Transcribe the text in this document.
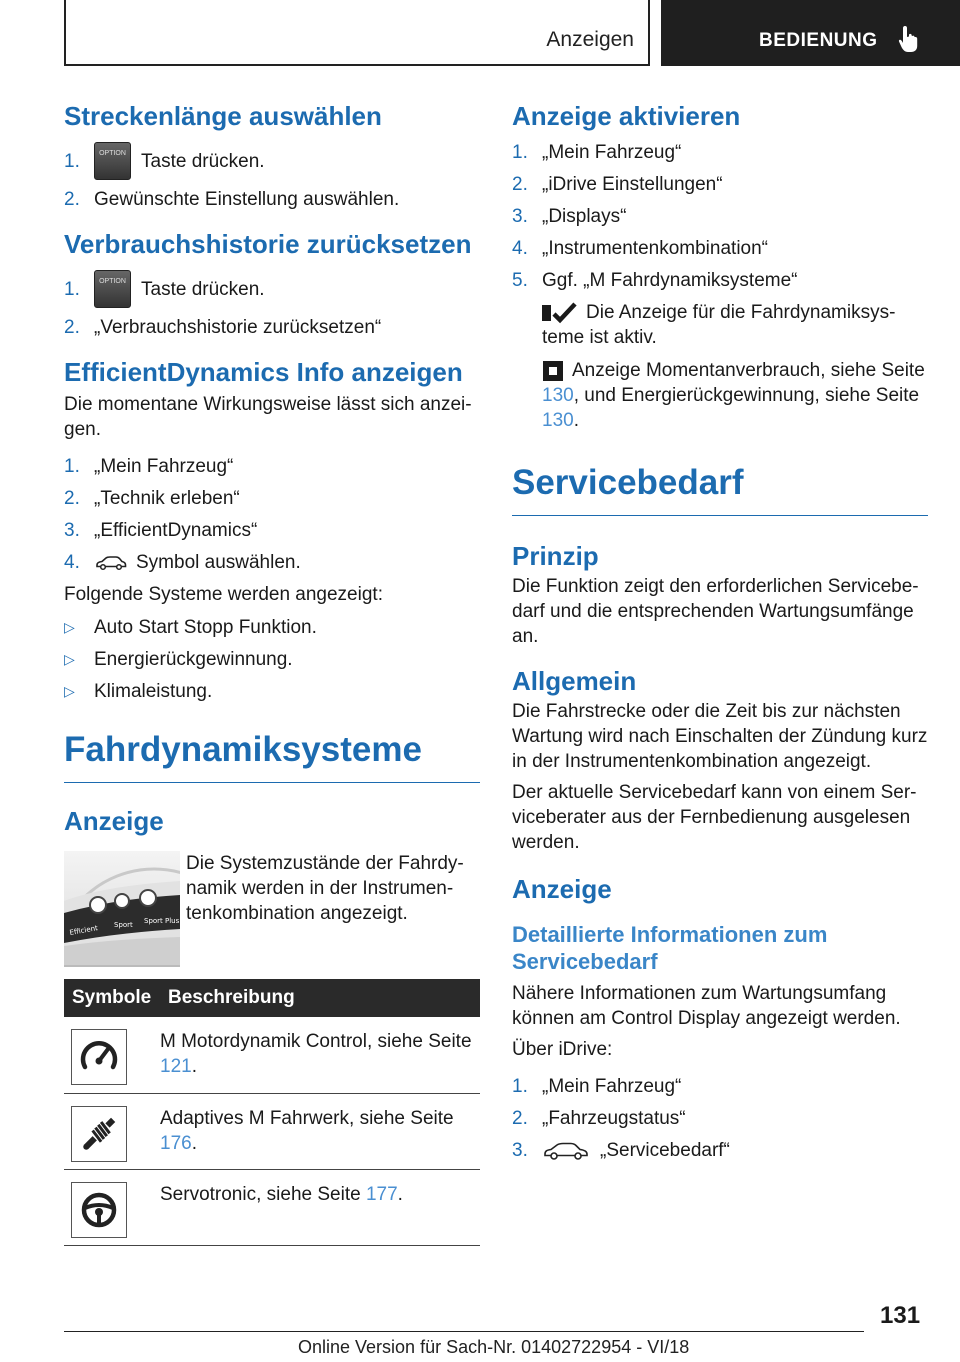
Anzeigen	BEDIENUNG
Streckenlänge auswählen
1.	OPTION Taste drücken.
2. Gewünschte Einstellung auswählen.
Verbrauchshistorie zurücksetzen
1.	OPTION Taste drücken.
2. „Verbrauchshistorie zurücksetzen“
EfficientDynamics Info anzeigen

Die momentane Wirkungsweise lässt sich anzeigen.

1. „Mein Fahrzeug“
2. „Technik erleben“
3. „EfficientDynamics“
4.	Symbol auswählen.

Folgende Systeme werden angezeigt:

▷	Auto Start Stopp Funktion.
▷	Energierückgewinnung.
▷	Klimaleistung.
Fahrdynamiksysteme
Anzeige
Efficient Sport Sport Plus
Die Systemzustände der Fahrdynamik werden in der Instrumentenkombination angezeigt.
Symbole	Beschreibung

	M Motordynamik Control, siehe Seite 121.

	Adaptives M Fahrwerk, siehe Seite 176.

	Servotronic, siehe Seite 177.
Anzeige aktivieren
1. „Mein Fahrzeug“
2. „iDrive Einstellungen“
3. „Displays“
4. „Instrumentenkombination“
5. Ggf. „M Fahrdynamiksysteme“
Die Anzeige für die Fahrdynamiksysteme ist aktiv.
Anzeige Momentanverbrauch, siehe Seite 130, und Energierückgewinnung, siehe Seite 130.
Servicebedarf
Prinzip

Die Funktion zeigt den erforderlichen Servicebedarf und die entsprechenden Wartungsumfänge an.

Allgemein

Die Fahrstrecke oder die Zeit bis zur nächsten Wartung wird nach Einschalten der Zündung kurz in der Instrumentenkombination angezeigt.

Der aktuelle Servicebedarf kann von einem Serviceberater aus der Fernbedienung ausgelesen werden.

Anzeige
Detaillierte Informationen zum Servicebedarf

Nähere Informationen zum Wartungsumfang können am Control Display angezeigt werden.

Über iDrive:

1. „Mein Fahrzeug“
2. „Fahrzeugstatus“
3.	„Servicebedarf“
131
Online Version für Sach-Nr. 01402722954 - VI/18
